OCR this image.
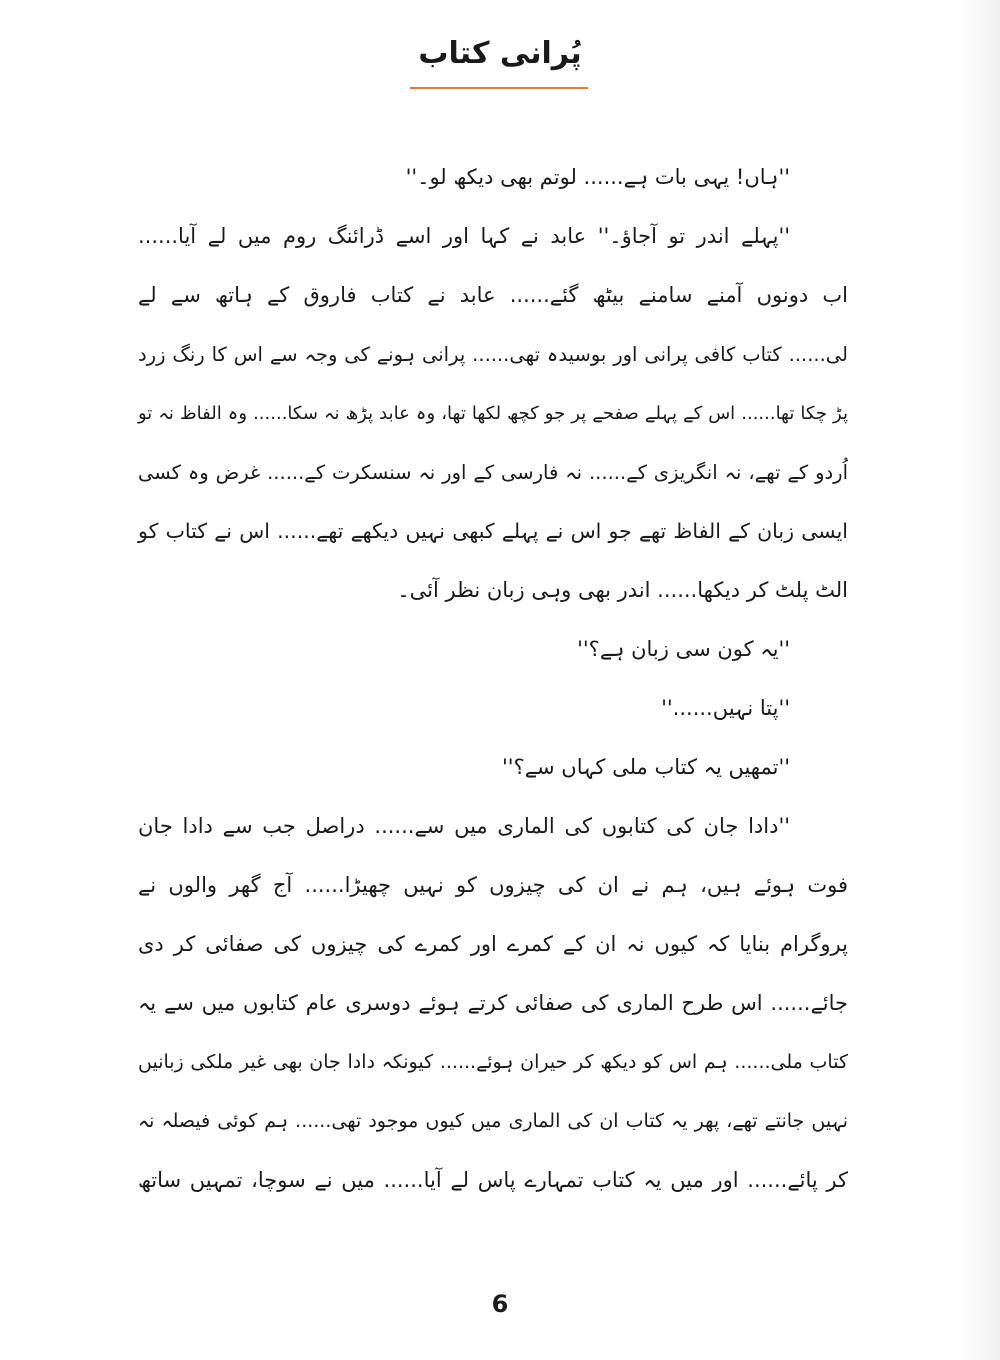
پُرانی کتاب
''ہاں! یہی بات ہے...... لوتم بھی دیکھ لو۔''
''پہلے اندر تو آجاؤ۔'' عابد نے کہا اور اسے ڈرائنگ روم میں لے آیا......
اب دونوں آمنے سامنے بیٹھ گئے...... عابد نے کتاب فاروق کے ہاتھ سے لے
لی...... کتاب کافی پرانی اور بوسیدہ تھی...... پرانی ہونے کی وجہ سے اس کا رنگ زرد
پڑ چکا تھا...... اس کے پہلے صفحے پر جو کچھ لکھا تھا، وہ عابد پڑھ نہ سکا...... وہ الفاظ نہ تو
اُردو کے تھے، نہ انگریزی کے...... نہ فارسی کے اور نہ سنسکرت کے...... غرض وہ کسی
ایسی زبان کے الفاظ تھے جو اس نے پہلے کبھی نہیں دیکھے تھے...... اس نے کتاب کو
الٹ پلٹ کر دیکھا...... اندر بھی وہی زبان نظر آئی۔
''یہ کون سی زبان ہے؟''
''پتا نہیں......''
''تمھیں یہ کتاب ملی کہاں سے؟''
''دادا جان کی کتابوں کی الماری میں سے...... دراصل جب سے دادا جان
فوت ہوئے ہیں، ہم نے ان کی چیزوں کو نہیں چھیڑا...... آج گھر والوں نے
پروگرام بنایا کہ کیوں نہ ان کے کمرے اور کمرے کی چیزوں کی صفائی کر دی
جائے...... اس طرح الماری کی صفائی کرتے ہوئے دوسری عام کتابوں میں سے یہ
کتاب ملی...... ہم اس کو دیکھ کر حیران ہوئے...... کیونکہ دادا جان بھی غیر ملکی زبانیں
نہیں جانتے تھے، پھر یہ کتاب ان کی الماری میں کیوں موجود تھی...... ہم کوئی فیصلہ نہ
کر پائے...... اور میں یہ کتاب تمہارے پاس لے آیا...... میں نے سوچا، تمہیں ساتھ
6
